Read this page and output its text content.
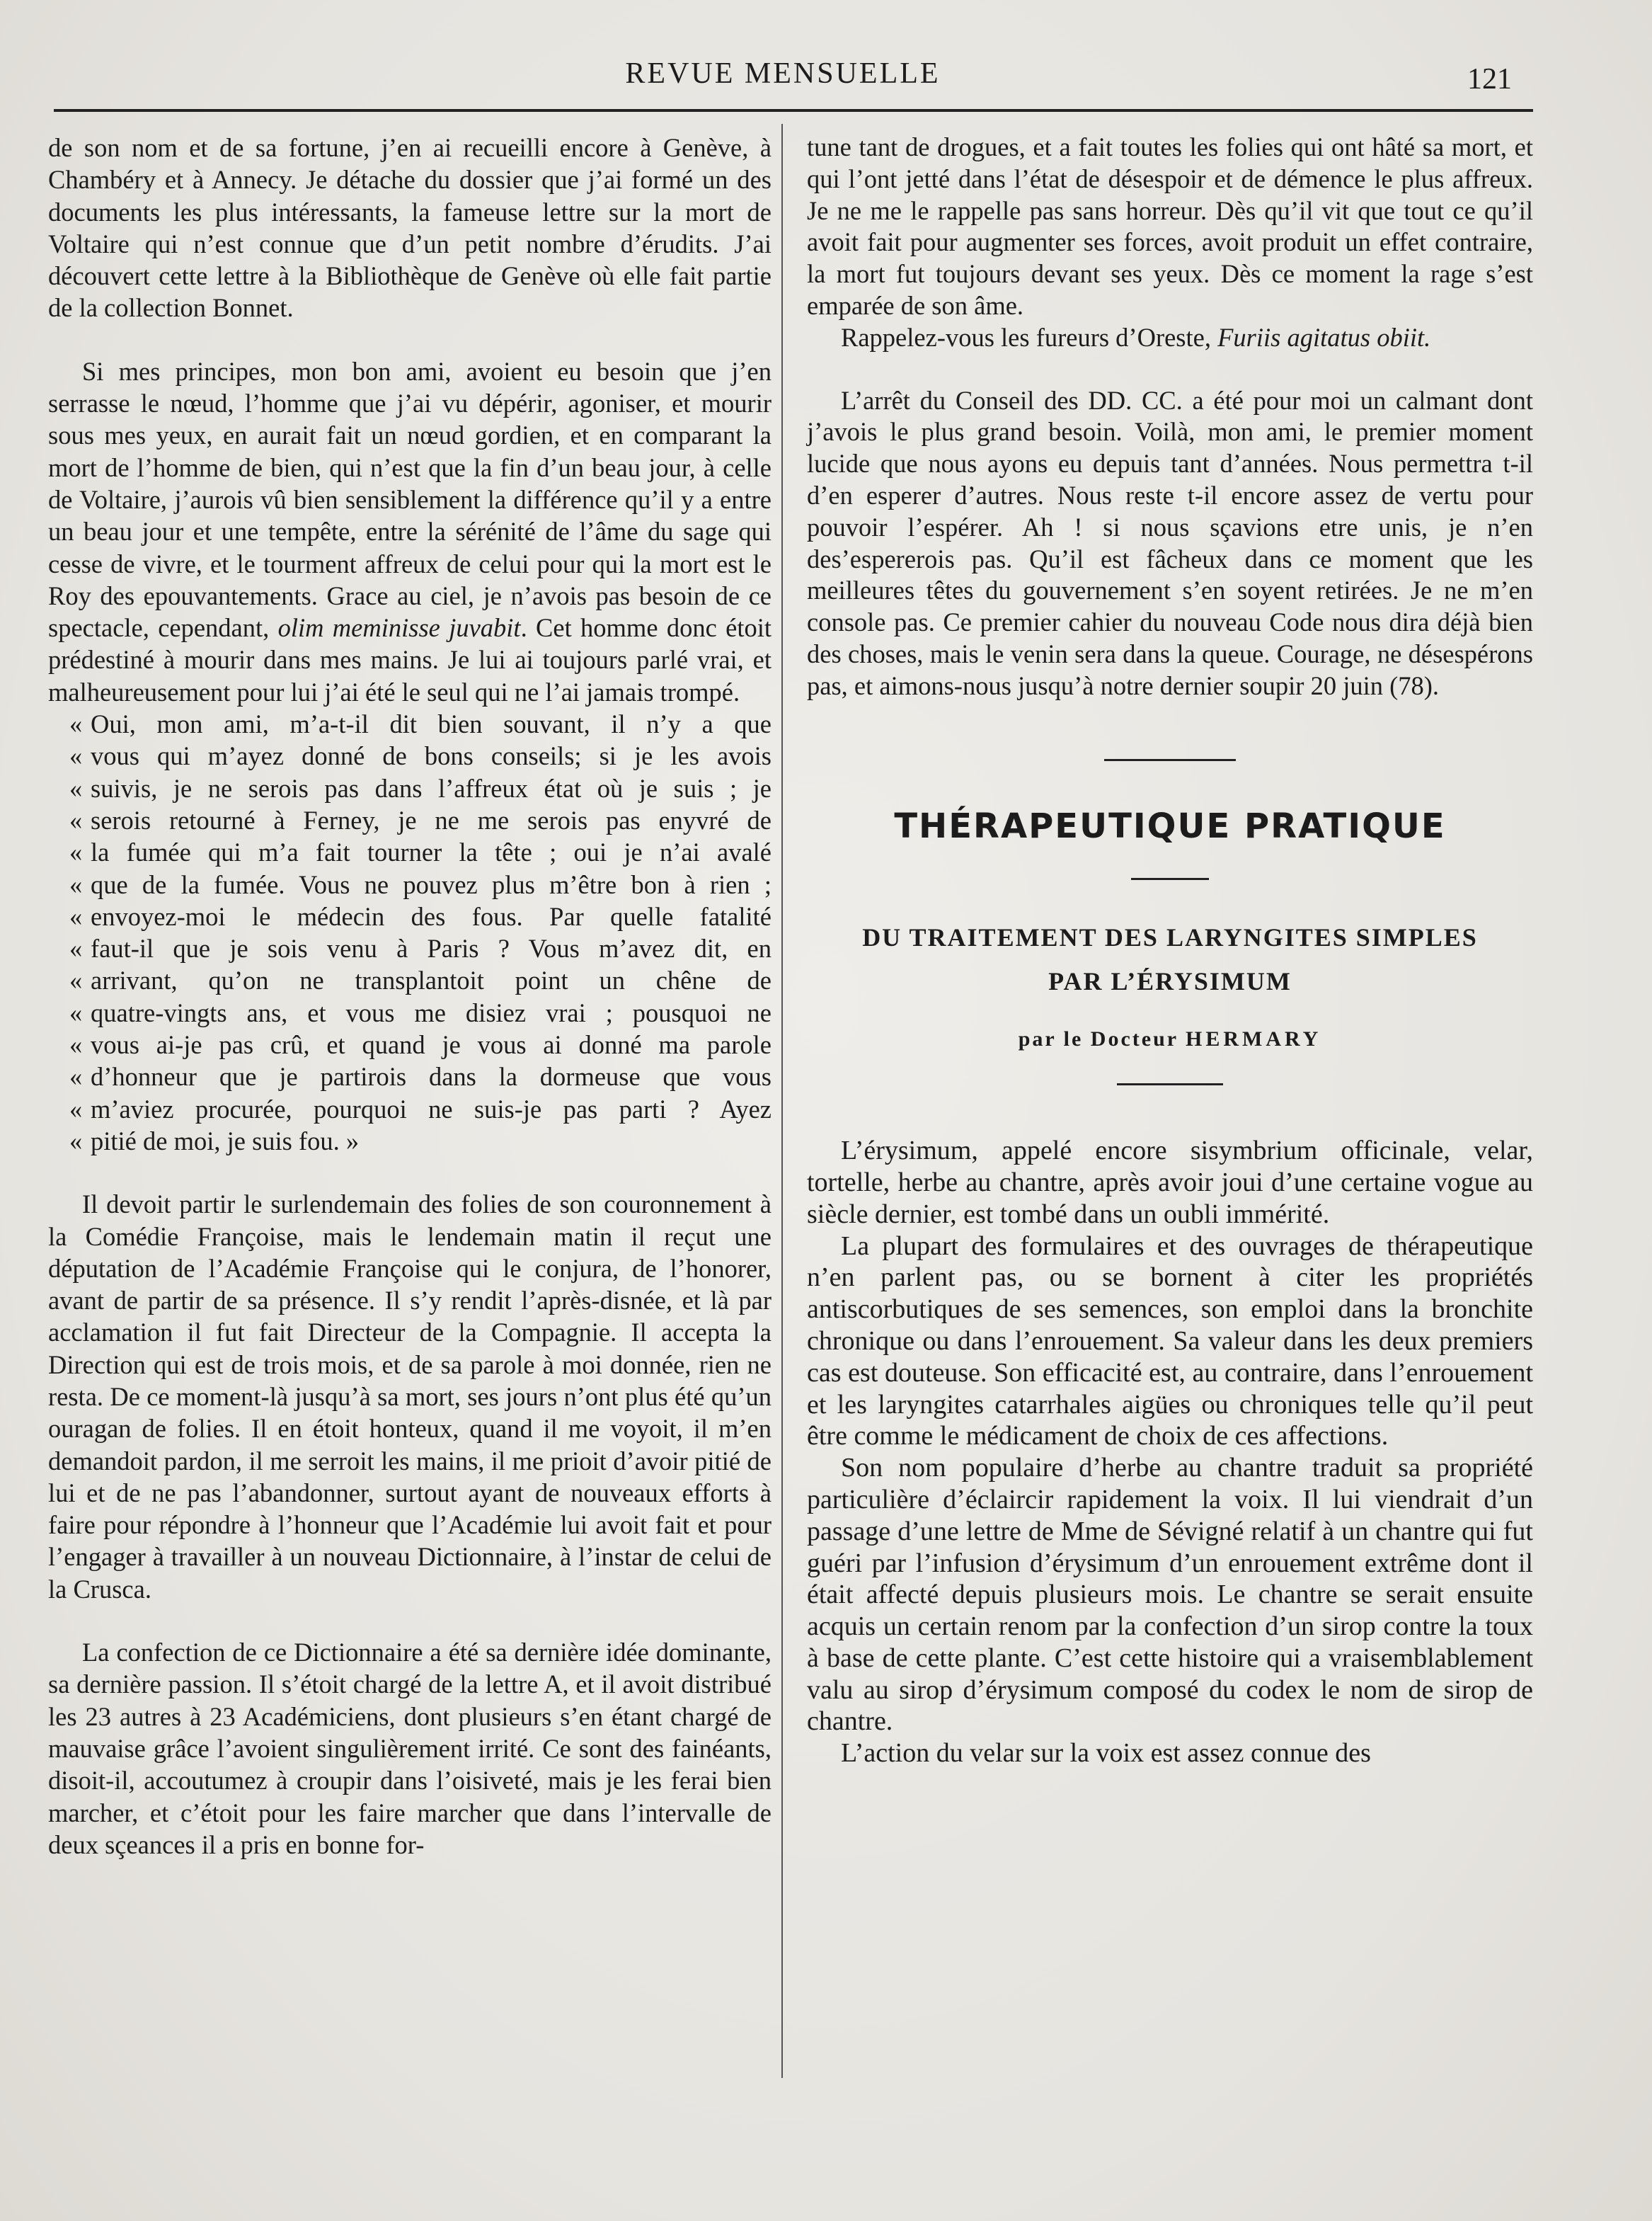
REVUE MENSUELLE	121

de son nom et de sa fortune, j’en ai recueilli encore à Genève, à Chambéry et à Annecy. Je détache du dossier que j’ai formé un des documents les plus intéressants, la fameuse lettre sur la mort de Voltaire qui n’est connue que d’un petit nombre d’érudits. J’ai découvert cette lettre à la Bibliothèque de Genève où elle fait partie de la collection Bonnet.

Si mes principes, mon bon ami, avoient eu besoin que j’en serrasse le nœud, l’homme que j’ai vu dépérir, agoniser, et mourir sous mes yeux, en aurait fait un nœud gordien, et en comparant la mort de l’homme de bien, qui n’est que la fin d’un beau jour, à celle de Voltaire, j’aurois vû bien sensiblement la différence qu’il y a entre un beau jour et une tempête, entre la sérénité de l’âme du sage qui cesse de vivre, et le tourment affreux de celui pour qui la mort est le Roy des epouvantements. Grace au ciel, je n’avois pas besoin de ce spectacle, cependant, olim meminisse juvabit. Cet homme donc étoit prédestiné à mourir dans mes mains. Je lui ai toujours parlé vrai, et malheureusement pour lui j’ai été le seul qui ne l’ai jamais trompé.

« Oui, mon ami, m’a-t-il dit bien souvant, il n’y a que
« vous qui m’ayez donné de bons conseils; si je les avois
« suivis, je ne serois pas dans l’affreux état où je suis ; je
« serois retourné à Ferney, je ne me serois pas enyvré de
« la fumée qui m’a fait tourner la tête ; oui je n’ai avalé
« que de la fumée. Vous ne pouvez plus m’être bon à rien ;
« envoyez-moi le médecin des fous. Par quelle fatalité
« faut-il que je sois venu à Paris ? Vous m’avez dit, en
« arrivant, qu’on ne transplantoit point un chêne de
« quatre-vingts ans, et vous me disiez vrai ; pousquoi ne
« vous ai-je pas crû, et quand je vous ai donné ma parole
« d’honneur que je partirois dans la dormeuse que vous
« m’aviez procurée, pourquoi ne suis-je pas parti ? Ayez
« pitié de moi, je suis fou. »

Il devoit partir le surlendemain des folies de son couronnement à la Comédie Françoise, mais le lendemain matin il reçut une députation de l’Académie Françoise qui le conjura, de l’honorer, avant de partir de sa présence. Il s’y rendit l’après-disnée, et là par acclamation il fut fait Directeur de la Compagnie. Il accepta la Direction qui est de trois mois, et de sa parole à moi donnée, rien ne resta. De ce moment-là jusqu’à sa mort, ses jours n’ont plus été qu’un ouragan de folies. Il en étoit honteux, quand il me voyoit, il m’en demandoit pardon, il me serroit les mains, il me prioit d’avoir pitié de lui et de ne pas l’abandonner, surtout ayant de nouveaux efforts à faire pour répondre à l’honneur que l’Académie lui avoit fait et pour l’engager à travailler à un nouveau Dictionnaire, à l’instar de celui de la Crusca.

La confection de ce Dictionnaire a été sa dernière idée dominante, sa dernière passion. Il s’étoit chargé de la lettre A, et il avoit distribué les 23 autres à 23 Académiciens, dont plusieurs s’en étant chargé de mauvaise grâce l’avoient singulièrement irrité. Ce sont des fainéants, disoit-il, accoutumez à croupir dans l’oisiveté, mais je les ferai bien marcher, et c’étoit pour les faire marcher que dans l’intervalle de deux sçeances il a pris en bonne for-

tune tant de drogues, et a fait toutes les folies qui ont hâté sa mort, et qui l’ont jetté dans l’état de désespoir et de démence le plus affreux. Je ne me le rappelle pas sans horreur. Dès qu’il vit que tout ce qu’il avoit fait pour augmenter ses forces, avoit produit un effet contraire, la mort fut toujours devant ses yeux. Dès ce moment la rage s’est emparée de son âme.

Rappelez-vous les fureurs d’Oreste, Furiis agitatus obiit.

L’arrêt du Conseil des DD. CC. a été pour moi un calmant dont j’avois le plus grand besoin. Voilà, mon ami, le premier moment lucide que nous ayons eu depuis tant d’années. Nous permettra t-il d’en esperer d’autres. Nous reste t-il encore assez de vertu pour pouvoir l’espérer. Ah ! si nous sçavions etre unis, je n’en des’espererois pas. Qu’il est fâcheux dans ce moment que les meilleures têtes du gouvernement s’en soyent retirées. Je ne m’en console pas. Ce premier cahier du nouveau Code nous dira déjà bien des choses, mais le venin sera dans la queue. Courage, ne désespérons pas, et aimons-nous jusqu’à notre dernier soupir 20 juin (78).

THÉRAPEUTIQUE PRATIQUE
DU TRAITEMENT DES LARYNGITES SIMPLES
PAR L’ÉRYSIMUM
par le Docteur HERMARY

L’érysimum, appelé encore sisymbrium officinale, velar, tortelle, herbe au chantre, après avoir joui d’une certaine vogue au siècle dernier, est tombé dans un oubli immérité.

La plupart des formulaires et des ouvrages de thérapeutique n’en parlent pas, ou se bornent à citer les propriétés antiscorbutiques de ses semences, son emploi dans la bronchite chronique ou dans l’enrouement. Sa valeur dans les deux premiers cas est douteuse. Son efficacité est, au contraire, dans l’enrouement et les laryngites catarrhales aigües ou chroniques telle qu’il peut être comme le médicament de choix de ces affections.

Son nom populaire d’herbe au chantre traduit sa propriété particulière d’éclaircir rapidement la voix. Il lui viendrait d’un passage d’une lettre de Mme de Sévigné relatif à un chantre qui fut guéri par l’infusion d’érysimum d’un enrouement extrême dont il était affecté depuis plusieurs mois. Le chantre se serait ensuite acquis un certain renom par la confection d’un sirop contre la toux à base de cette plante. C’est cette histoire qui a vraisemblablement valu au sirop d’érysimum composé du codex le nom de sirop de chantre.

L’action du velar sur la voix est assez connue des
